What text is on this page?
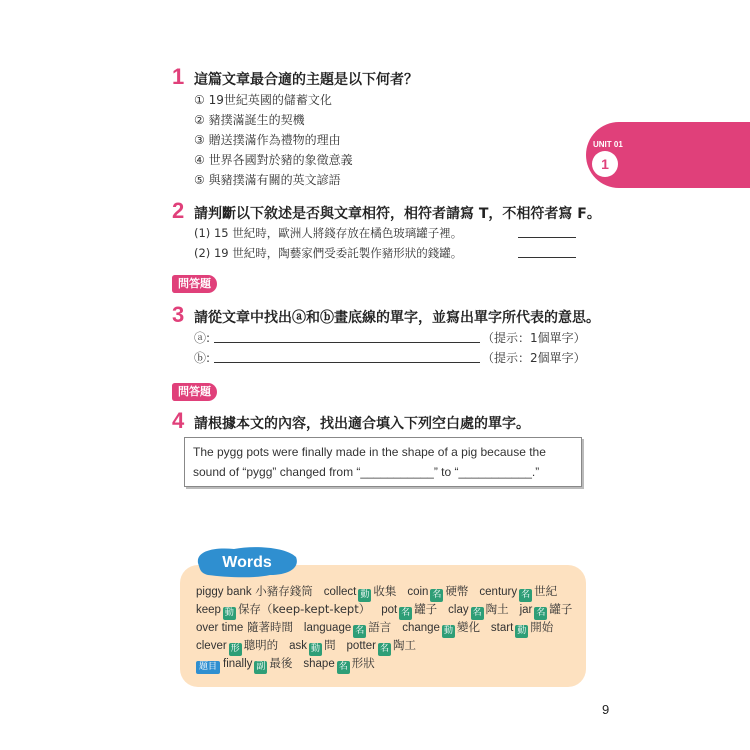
UNIT 01
1
1 這篇文章最合適的主題是以下何者？
① 19世紀英國的儲蓄文化
② 豬撲滿誕生的契機
③ 贈送撲滿作為禮物的理由
④ 世界各國對於豬的象徵意義
⑤ 與豬撲滿有關的英文諺語
2 請判斷以下敘述是否與文章相符，相符者請寫 T，不相符者寫 F。
(1) 15 世紀時，歐洲人將錢存放在橘色玻璃罐子裡。
(2) 19 世紀時，陶藝家們受委託製作豬形狀的錢罐。
問答題
3 請從文章中找出ⓐ和ⓑ畫底線的單字，並寫出單字所代表的意思。
ⓐ:	（提示：1個單字）
ⓑ:	（提示：2個單字）
問答題
4 請根據本文的內容，找出適合填入下列空白處的單字。
The pygg pots were finally made in the shape of a pig because the
sound of “pygg” changed from “___________” to “___________.”
Words
piggy bank 小豬存錢筒 collect 動 收集 coin 名 硬幣 century 名 世紀
keep 動 保存（keep-kept-kept） pot 名 罐子 clay 名 陶土 jar 名 罐子
over time 隨著時間 language 名 語言 change 動 變化 start 動 開始
clever 形 聰明的 ask 動 問 potter 名 陶工
題目 finally 副 最後 shape 名 形狀
9
